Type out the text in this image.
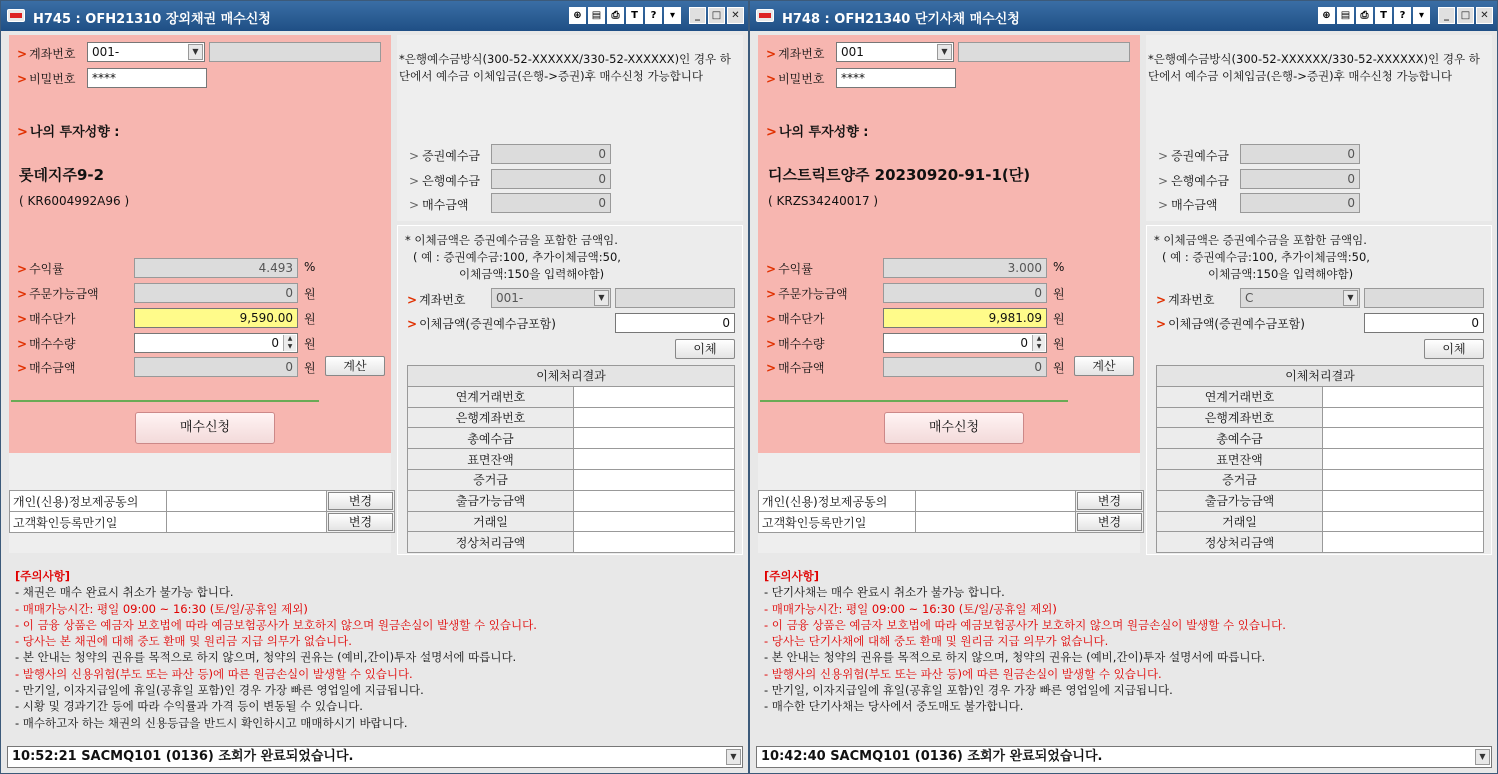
H745 : OFH21310 장외채권 매수신청	⊕	▤	⎙	T	?	▾	_	□	✕
> 계좌번호	001-	▼
> 비밀번호	****
> 나의 투자성향 :
롯데지주9-2
( KR6004992A96 )
> 수익률	4.493 %
> 주문가능금액	0 원
> 매수단가	9,590.00 원
> 매수수량	0	▲
▼ 원
> 매수금액	0 원	계산
매수신청
개인(신용)정보제공동의		변경

고객확인등록만기일		변경
*은행예수금방식(300-52-XXXXXX/330-52-XXXXXX)인 경우 하단에서 예수금 이체입금(은행->증권)후 매수신청 가능합니다
> 증권예수금	0
> 은행예수금	0
> 매수금액	0
* 이체금액은 증권예수금을 포함한 금액임.
( 예 : 증권예수금:100, 추가이체금액:50,
이체금액:150을 입력해야함)
> 계좌번호	001-	▼
> 이체금액(증권예수금포함)	0
이체
이체처리결과	
연계거래번호	
은행계좌번호	
총예수금	
표면잔액	
증거금	
출금가능금액	
거래일	
정상처리금액	
[주의사항]
- 채권은 매수 완료시 취소가 불가능 합니다.
- 매매가능시간: 평일 09:00 ~ 16:30 (토/일/공휴일 제외)
- 이 금융 상품은 예금자 보호법에 따라 예금보험공사가 보호하지 않으며 원금손실이 발생할 수 있습니다.
- 당사는 본 채권에 대해 중도 환매 및 원리금 지급 의무가 없습니다.
- 본 안내는 청약의 권유를 목적으로 하지 않으며, 청약의 권유는 (예비,간이)투자 설명서에 따릅니다.
- 발행사의 신용위험(부도 또는 파산 등)에 따른 원금손실이 발생할 수 있습니다.
- 만기일, 이자지급일에 휴일(공휴일 포함)인 경우 가장 빠른 영업일에 지급됩니다.
- 시황 및 경과기간 등에 따라 수익률과 가격 등이 변동될 수 있습니다.
- 매수하고자 하는 채권의 신용등급을 반드시 확인하시고 매매하시기 바랍니다.
10:52:21 SACMQ101 (0136) 조회가 완료되었습니다.	▼
H748 : OFH21340 단기사채 매수신청	⊕	▤	⎙	T	?	▾	_	□	✕
> 계좌번호	001	▼
> 비밀번호	****
> 나의 투자성향 :
디스트릭트양주 20230920-91-1(단)
( KRZS34240017 )
> 수익률	3.000 %
> 주문가능금액	0 원
> 매수단가	9,981.09 원
> 매수수량	0	▲
▼ 원
> 매수금액	0 원	계산
매수신청
개인(신용)정보제공동의		변경

고객확인등록만기일		변경
*은행예수금방식(300-52-XXXXXX/330-52-XXXXXX)인 경우 하단에서 예수금 이체입금(은행->증권)후 매수신청 가능합니다
> 증권예수금	0
> 은행예수금	0
> 매수금액	0
* 이체금액은 증권예수금을 포함한 금액임.
( 예 : 증권예수금:100, 추가이체금액:50,
이체금액:150을 입력해야함)
> 계좌번호	C	▼
> 이체금액(증권예수금포함)	0
이체
이체처리결과	
연계거래번호	
은행계좌번호	
총예수금	
표면잔액	
증거금	
출금가능금액	
거래일	
정상처리금액	
[주의사항]
- 단기사채는 매수 완료시 취소가 불가능 합니다.
- 매매가능시간: 평일 09:00 ~ 16:30 (토/일/공휴일 제외)
- 이 금융 상품은 예금자 보호법에 따라 예금보험공사가 보호하지 않으며 원금손실이 발생할 수 있습니다.
- 당사는 단기사채에 대해 중도 환매 및 원리금 지급 의무가 없습니다.
- 본 안내는 청약의 권유를 목적으로 하지 않으며, 청약의 권유는 (예비,간이)투자 설명서에 따릅니다.
- 발행사의 신용위험(부도 또는 파산 등)에 따른 원금손실이 발생할 수 있습니다.
- 만기일, 이자지급일에 휴일(공휴일 포함)인 경우 가장 빠른 영업일에 지급됩니다.
- 매수한 단기사채는 당사에서 중도매도 불가합니다.
10:42:40 SACMQ101 (0136) 조회가 완료되었습니다.	▼
